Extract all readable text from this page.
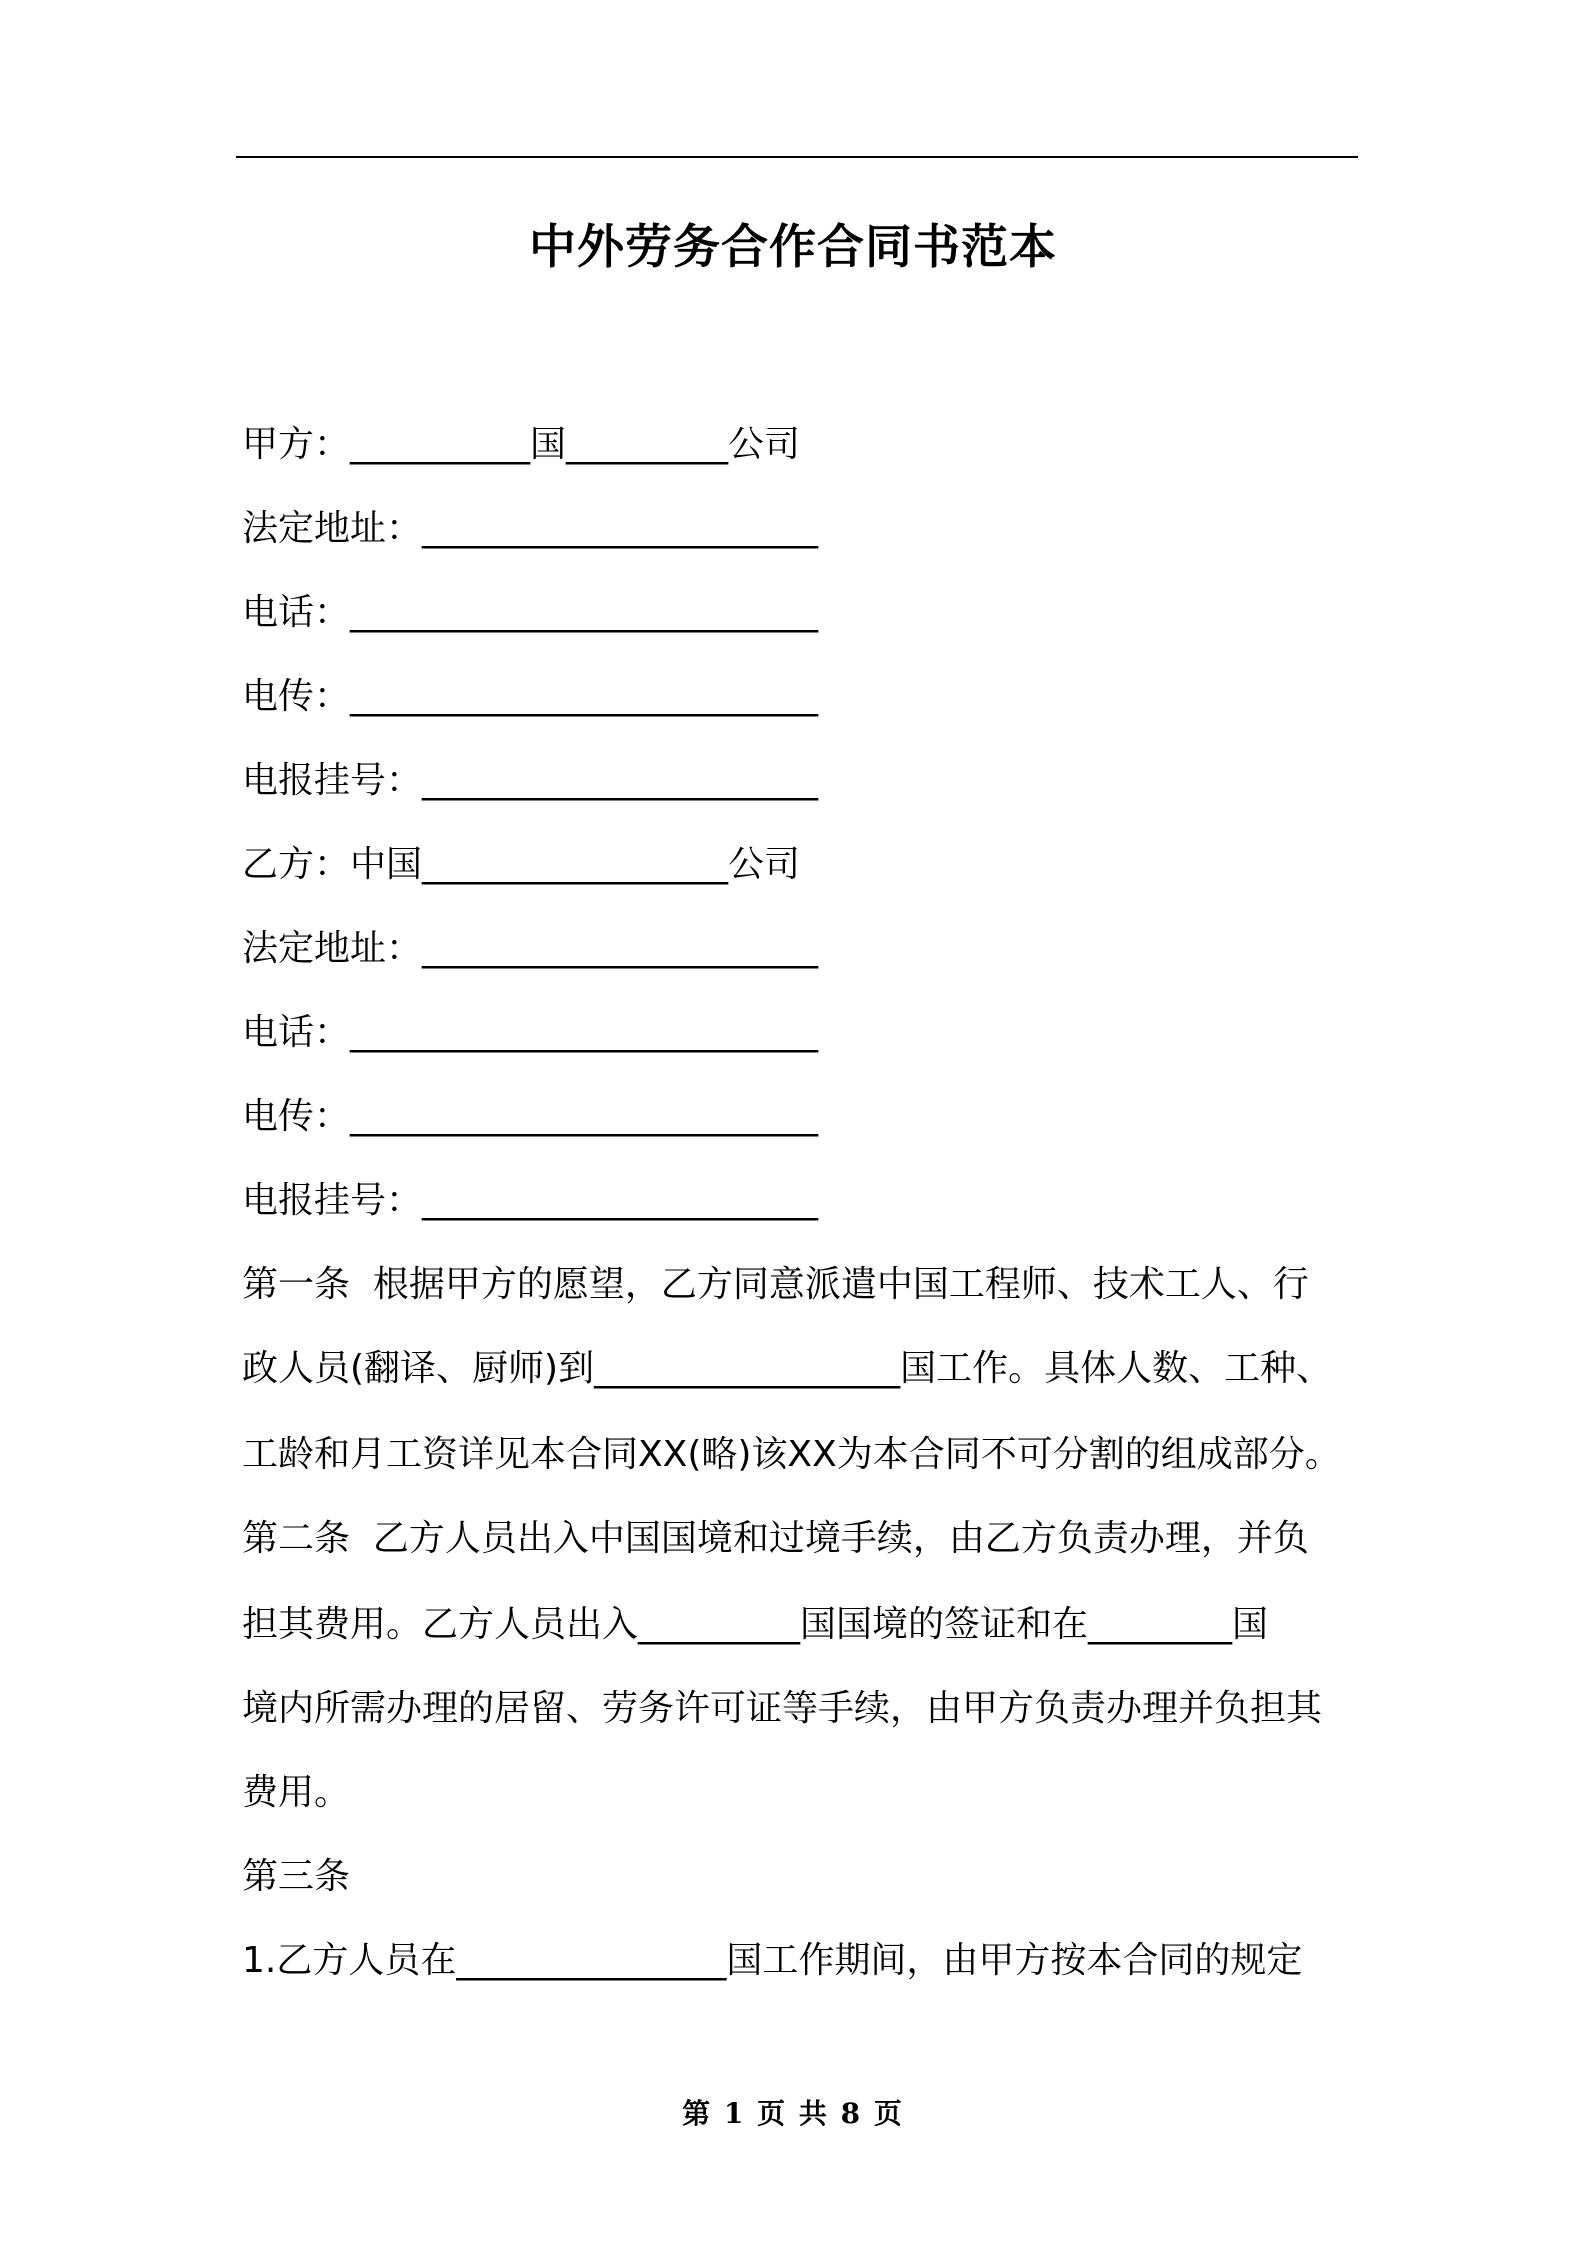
中外劳务合作合同书范本
甲方：__________国_________公司
法定地址：______________________
电话：__________________________
电传：__________________________
电报挂号：______________________
乙方：中国_________________公司
法定地址：______________________
电话：__________________________
电传：__________________________
电报挂号：______________________
第一条  根据甲方的愿望，乙方同意派遣中国工程师、技术工人、行
政人员(翻译、厨师)到_________________国工作。具体人数、工种、
工龄和月工资详见本合同XX(略)该XX为本合同不可分割的组成部分。
第二条  乙方人员出入中国国境和过境手续，由乙方负责办理，并负
担其费用。乙方人员出入_________国国境的签证和在________国
境内所需办理的居留、劳务许可证等手续，由甲方负责办理并负担其
费用。
第三条
1.乙方人员在_______________国工作期间，由甲方按本合同的规定
第 1 页 共 8 页
